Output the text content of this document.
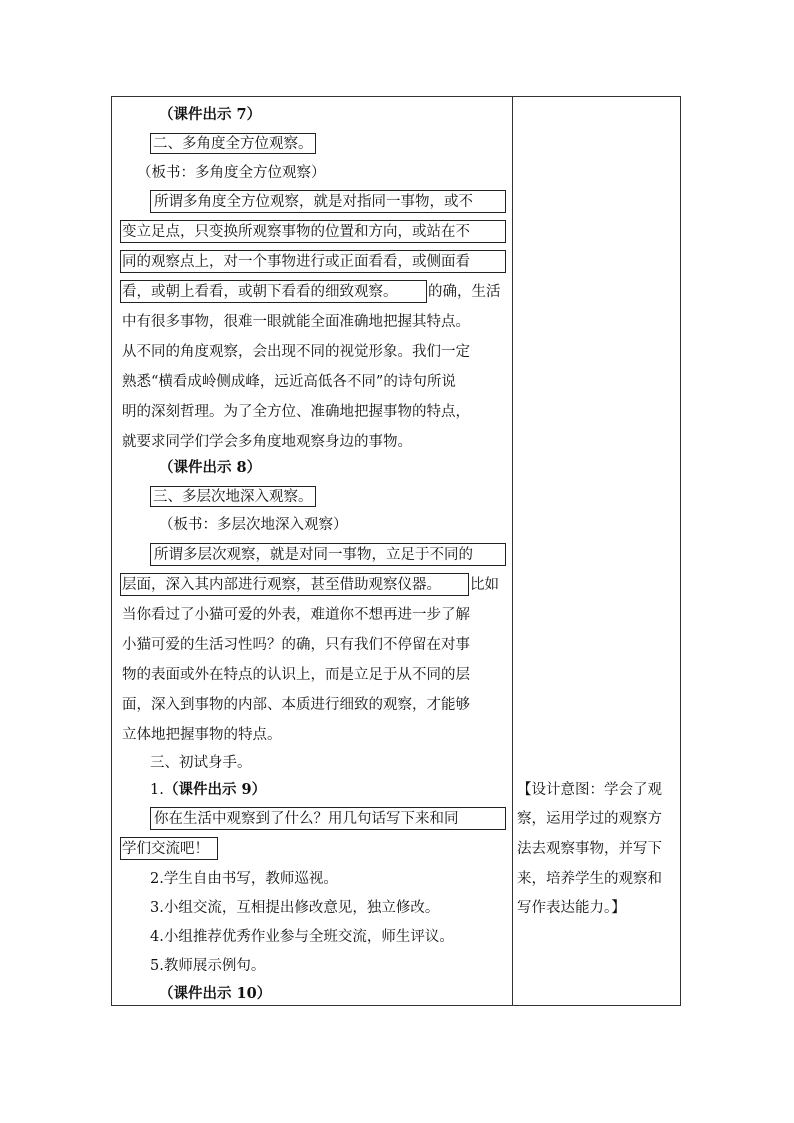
（课件出示 7）
二、多角度全方位观察。
（板书：多角度全方位观察）
所谓多角度全方位观察，就是对指同一事物，或不
变立足点，只变换所观察事物的位置和方向，或站在不
同的观察点上，对一个事物进行或正面看看，或侧面看
看，或朝上看看，或朝下看看的细致观察。 的确，生活
中有很多事物，很难一眼就能全面准确地把握其特点。
从不同的角度观察，会出现不同的视觉形象。我们一定
熟悉“横看成岭侧成峰，远近高低各不同”的诗句所说
明的深刻哲理。为了全方位、准确地把握事物的特点，
就要求同学们学会多角度地观察身边的事物。
（课件出示 8）
三、多层次地深入观察。
（板书：多层次地深入观察）
所谓多层次观察，就是对同一事物，立足于不同的
层面，深入其内部进行观察，甚至借助观察仪器。 比如
当你看过了小猫可爱的外表，难道你不想再进一步了解
小猫可爱的生活习性吗？的确，只有我们不停留在对事
物的表面或外在特点的认识上，而是立足于从不同的层
面，深入到事物的内部、本质进行细致的观察，才能够
立体地把握事物的特点。
三、初试身手。
1. （课件出示 9）
你在生活中观察到了什么？用几句话写下来和同
学们交流吧！
2.学生自由书写，教师巡视。
3.小组交流，互相提出修改意见，独立修改。
4.小组推荐优秀作业参与全班交流，师生评议。
5.教师展示例句。
（课件出示 10）
【设计意图：学会了观
察，运用学过的观察方
法去观察事物，并写下
来，培养学生的观察和
写作表达能力。】
